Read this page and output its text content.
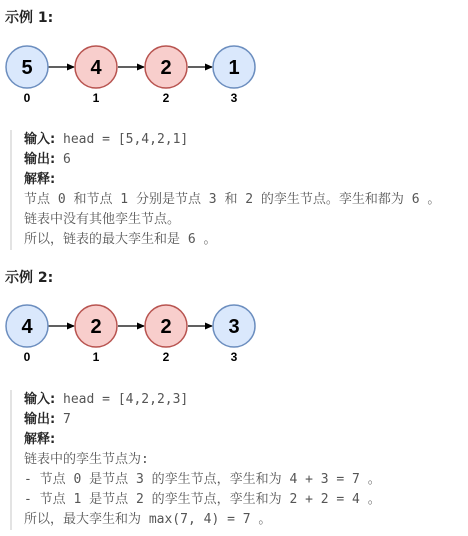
示例 1:
5	4	2	1
0	1	2	3
输入: head = [5,4,2,1]
输出: 6
解释:
节点 0 和节点 1 分别是节点 3 和 2 的孪生节点。孪生和都为 6 。
链表中没有其他孪生节点。
所以，链表的最大孪生和是 6 。
示例 2:
4	2	2	3
0	1	2	3
输入: head = [4,2,2,3]
输出: 7
解释:
链表中的孪生节点为:
- 节点 0 是节点 3 的孪生节点，孪生和为 4 + 3 = 7 。
- 节点 1 是节点 2 的孪生节点，孪生和为 2 + 2 = 4 。
所以，最大孪生和为 max(7, 4) = 7 。
